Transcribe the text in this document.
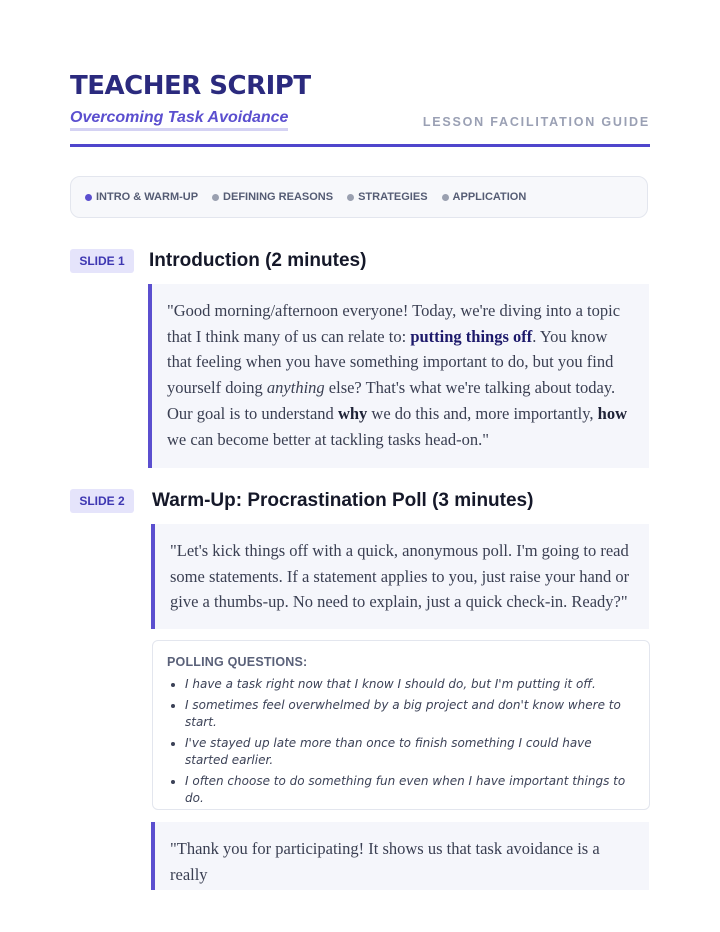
TEACHER SCRIPT
Overcoming Task Avoidance	LESSON FACILITATION GUIDE
INTRO & WARM-UP DEFINING REASONS STRATEGIES APPLICATION
SLIDE 1	Introduction (2 minutes)
"Good morning/afternoon everyone! Today, we're diving into a topic that I think many of us can relate to: putting things off. You know that feeling when you have something important to do, but you find yourself doing anything else? That's what we're talking about today. Our goal is to understand why we do this and, more importantly, how we can become better at tackling tasks head-on."
SLIDE 2	Warm-Up: Procrastination Poll (3 minutes)
"Let's kick things off with a quick, anonymous poll. I'm going to read some statements. If a statement applies to you, just raise your hand or give a thumbs-up. No need to explain, just a quick check-in. Ready?"

POLLING QUESTIONS:

• I have a task right now that I know I should do, but I'm putting it off.
• I sometimes feel overwhelmed by a big project and don't know where to start.
• I've stayed up late more than once to finish something I could have started earlier.
• I often choose to do something fun even when I have important things to do.
"Thank you for participating! It shows us that task avoidance is a really
